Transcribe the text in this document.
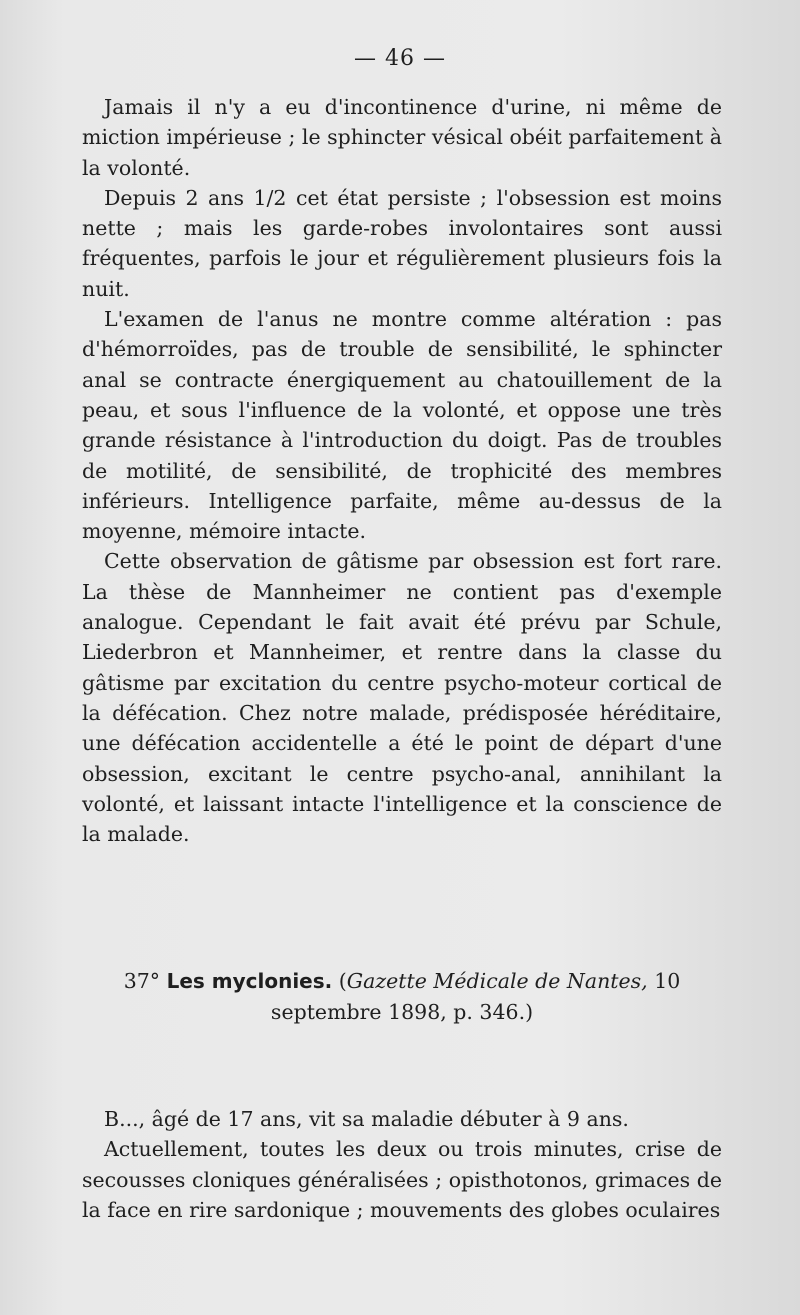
— 46 —

Jamais il n'y a eu d'incontinence d'urine, ni même de miction impérieuse ; le sphincter vésical obéit parfaitement à la volonté.

Depuis 2 ans 1/2 cet état persiste ; l'obsession est moins nette ; mais les garde-robes involontaires sont aussi fréquentes, parfois le jour et régulièrement plusieurs fois la nuit.

L'examen de l'anus ne montre comme altération : pas d'hémorroïdes, pas de trouble de sensibilité, le sphincter anal se contracte énergiquement au chatouillement de la peau, et sous l'influence de la volonté, et oppose une très grande résistance à l'introduction du doigt. Pas de troubles de motilité, de sensibilité, de trophicité des membres inférieurs. Intelligence parfaite, même au-dessus de la moyenne, mémoire intacte.

Cette observation de gâtisme par obsession est fort rare. La thèse de Mannheimer ne contient pas d'exemple analogue. Cependant le fait avait été prévu par Schule, Liederbron et Mannheimer, et rentre dans la classe du gâtisme par excitation du centre psycho-moteur cortical de la défécation. Chez notre malade, prédisposée héréditaire, une défécation accidentelle a été le point de départ d'une obsession, excitant le centre psycho-anal, annihilant la volonté, et laissant intacte l'intelligence et la conscience de la malade.

37° Les myclonies. (Gazette Médicale de Nantes, 10 septembre 1898, p. 346.)

B..., âgé de 17 ans, vit sa maladie débuter à 9 ans.

Actuellement, toutes les deux ou trois minutes, crise de secousses cloniques généralisées ; opisthotonos, grimaces de la face en rire sardonique ; mouvements des globes oculaires
